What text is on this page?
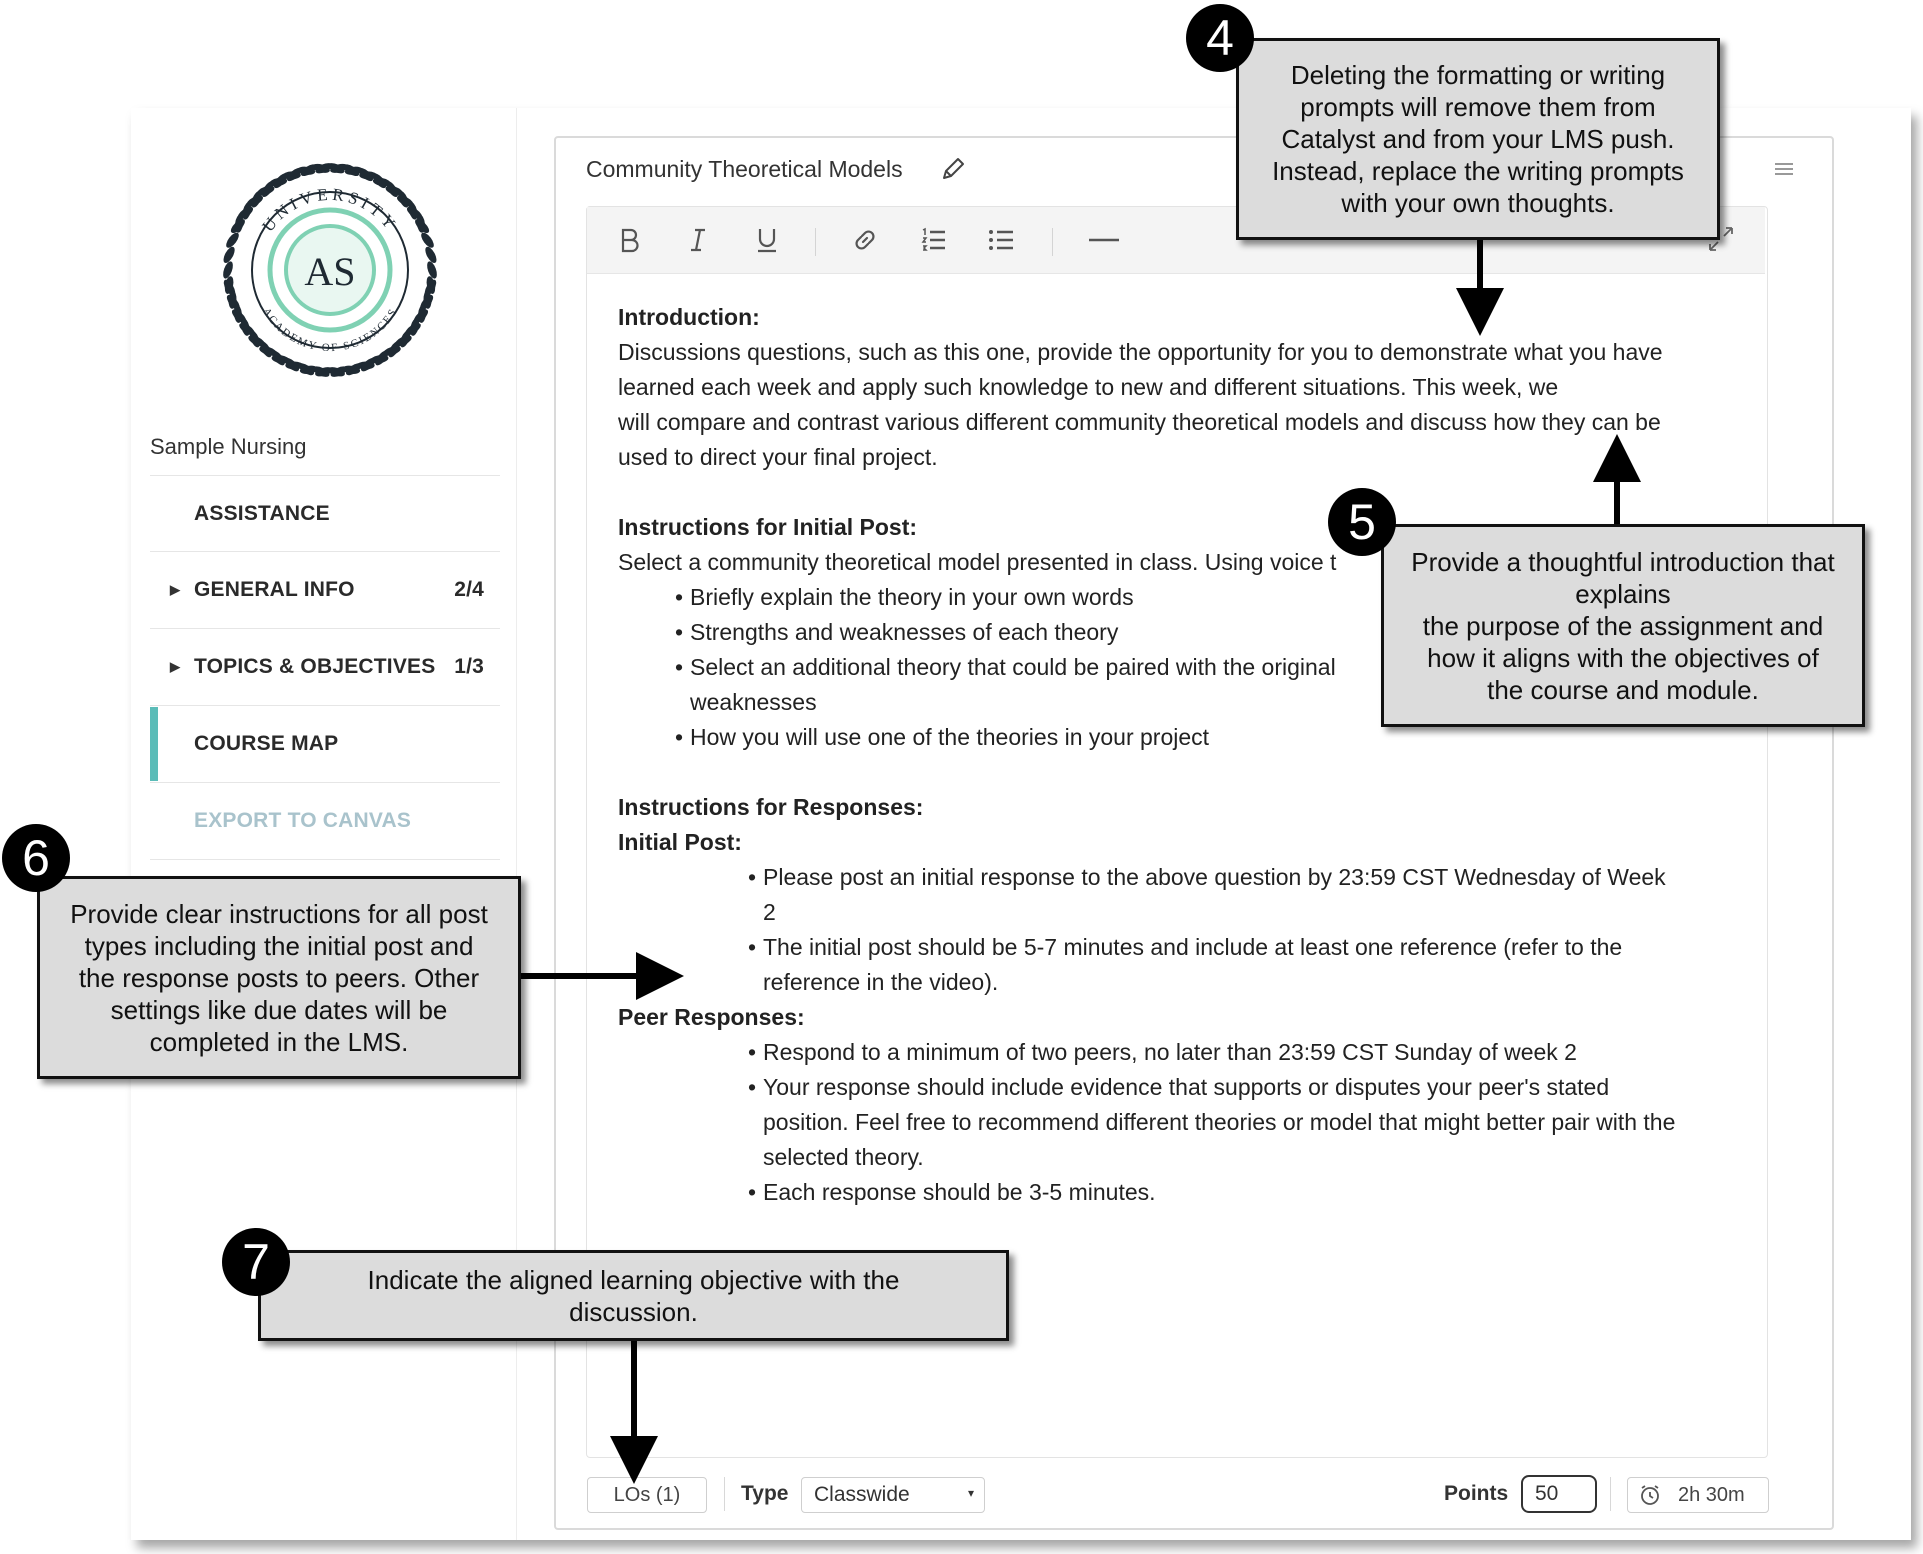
UNIVERSITY
ACADEMY OF SCIENCES
AS
Sample Nursing
ASSISTANCE
▶ GENERAL INFO	2/4
▶ TOPICS & OBJECTIVES 1/3
COURSE MAP
EXPORT TO CANVAS
Community Theoretical Models

Introduction:

Discussions questions, such as this one, provide the opportunity for you to demonstrate what you have

learned each week and apply such knowledge to new and different situations. This week, we

will compare and contrast various different community theoretical models and discuss how they can be

used to direct your final project.

Instructions for Initial Post:

Select a community theoretical model presented in class. Using voice t

• Briefly explain the theory in your own words
• Strengths and weaknesses of each theory
• Select an additional theory that could be paired with the original
weaknesses
• How you will use one of the theories in your project

Instructions for Responses:

Initial Post:

• Please post an initial response to the above question by 23:59 CST Wednesday of Week
2
• The initial post should be 5-7 minutes and include at least one reference (refer to the
reference in the video).

Peer Responses:

• Respond to a minimum of two peers, no later than 23:59 CST Sunday of week 2
• Your response should include evidence that supports or disputes your peer's stated
position. Feel free to recommend different theories or model that might better pair with the
selected theory.
• Each response should be 3-5 minutes.
LOs (1)	Type Classwide	▾	Points 50	2h 30m
Deleting the formatting or writing
prompts will remove them from
Catalyst and from your LMS push.
Instead, replace the writing prompts
with your own thoughts.
4
Provide a thoughtful introduction that
explains
the purpose of the assignment and
how it aligns with the objectives of
the course and module.
5
Provide clear instructions for all post
types including the initial post and
the response posts to peers. Other
settings like due dates will be
completed in the LMS.
6
Indicate the aligned learning objective with the
discussion.
7
